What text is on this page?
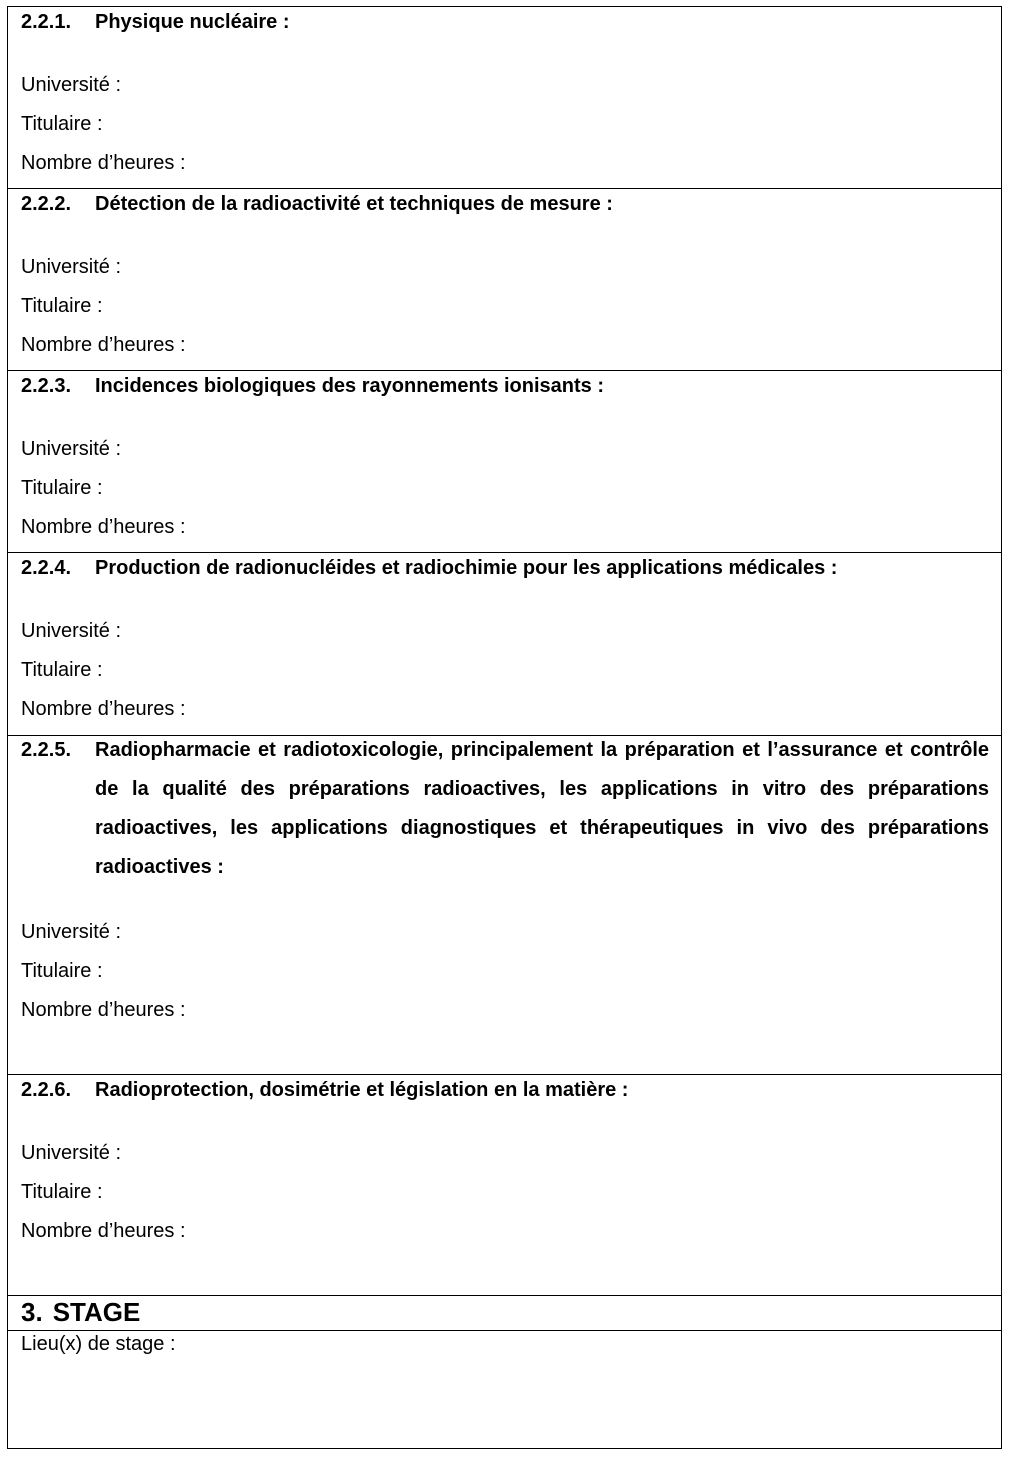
2.2.1.	Physique nucléaire :
Université :
Titulaire :
Nombre d’heures :
2.2.2.	Détection de la radioactivité et techniques de mesure :
Université :
Titulaire :
Nombre d’heures :
2.2.3.	Incidences biologiques des rayonnements ionisants :
Université :
Titulaire :
Nombre d’heures :
2.2.4.	Production de radionucléides et radiochimie pour les applications médicales :
Université :
Titulaire :
Nombre d’heures :
2.2.5.	Radiopharmacie et radiotoxicologie, principalement la préparation et l’assurance et contrôle de la qualité des préparations radioactives, les applications in vitro des préparations radioactives, les applications diagnostiques et thérapeutiques in vivo des préparations radioactives :
Université :
Titulaire :
Nombre d’heures :
2.2.6.	Radioprotection, dosimétrie et législation en la matière :
Université :
Titulaire :
Nombre d’heures :
3. STAGE
Lieu(x) de stage :
